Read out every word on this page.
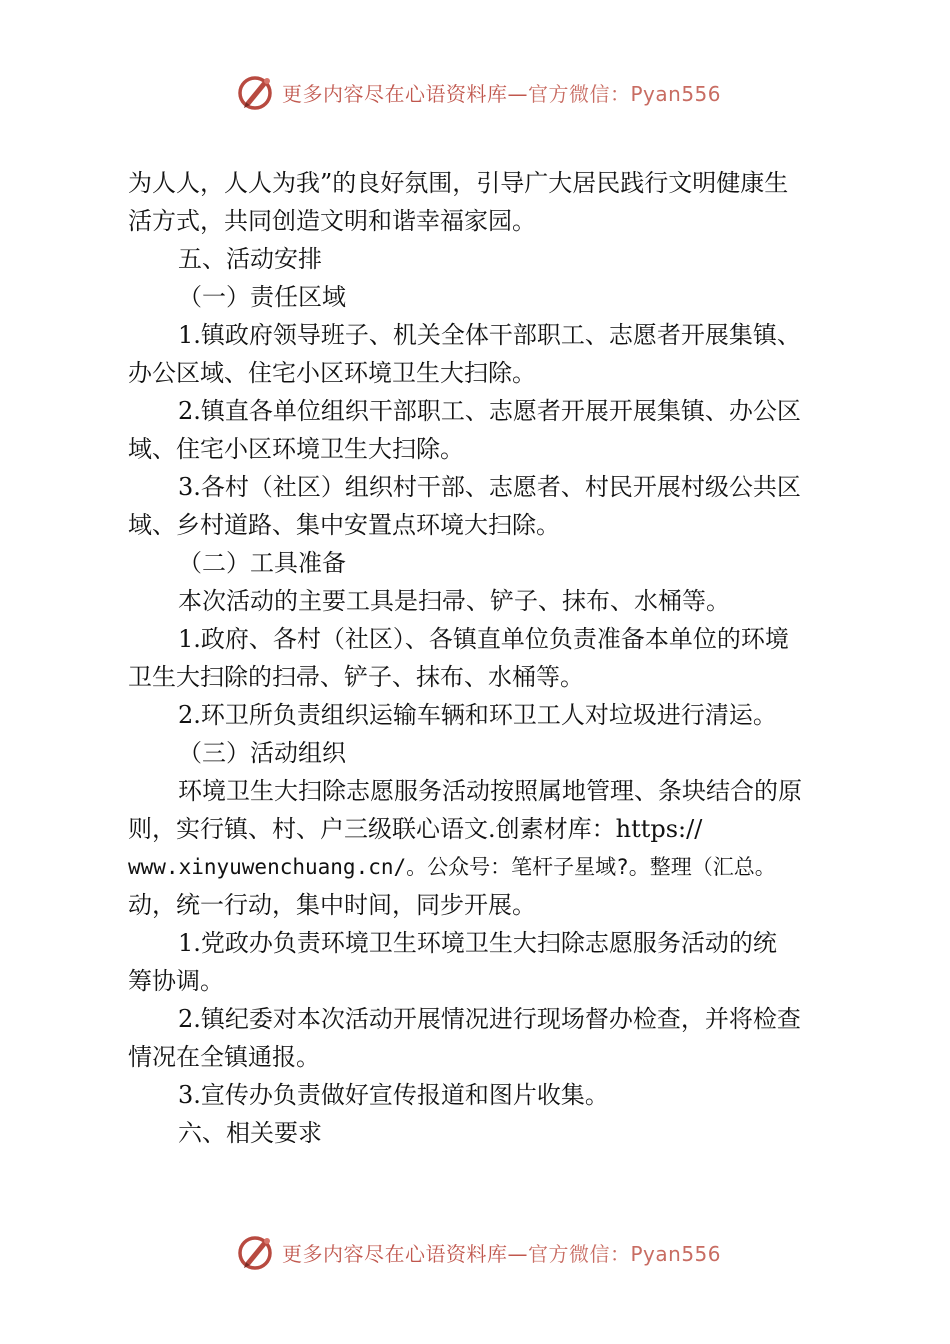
更多内容尽在心语资料库—官方微信：Pyan556
为人人，人人为我”的良好氛围，引导广大居民践行文明健康生
活方式，共同创造文明和谐幸福家园。
五、活动安排
（一）责任区域
1.镇政府领导班子、机关全体干部职工、志愿者开展集镇、
办公区域、住宅小区环境卫生大扫除。
2.镇直各单位组织干部职工、志愿者开展开展集镇、办公区
域、住宅小区环境卫生大扫除。
3.各村（社区）组织村干部、志愿者、村民开展村级公共区
域、乡村道路、集中安置点环境大扫除。
（二）工具准备
本次活动的主要工具是扫帚、铲子、抹布、水桶等。
1.政府、各村（社区）、各镇直单位负责准备本单位的环境
卫生大扫除的扫帚、铲子、抹布、水桶等。
2.环卫所负责组织运输车辆和环卫工人对垃圾进行清运。
（三）活动组织
环境卫生大扫除志愿服务活动按照属地管理、条块结合的原
则，实行镇、村、户三级联心语文.创素材库：https://
www.xinyuwenchuang.cn/。公众号：笔杆子星域?。整理（汇总。
动，统一行动，集中时间，同步开展。
1.党政办负责环境卫生环境卫生大扫除志愿服务活动的统
筹协调。
2.镇纪委对本次活动开展情况进行现场督办检查，并将检查
情况在全镇通报。
3.宣传办负责做好宣传报道和图片收集。
六、相关要求
更多内容尽在心语资料库—官方微信：Pyan556
